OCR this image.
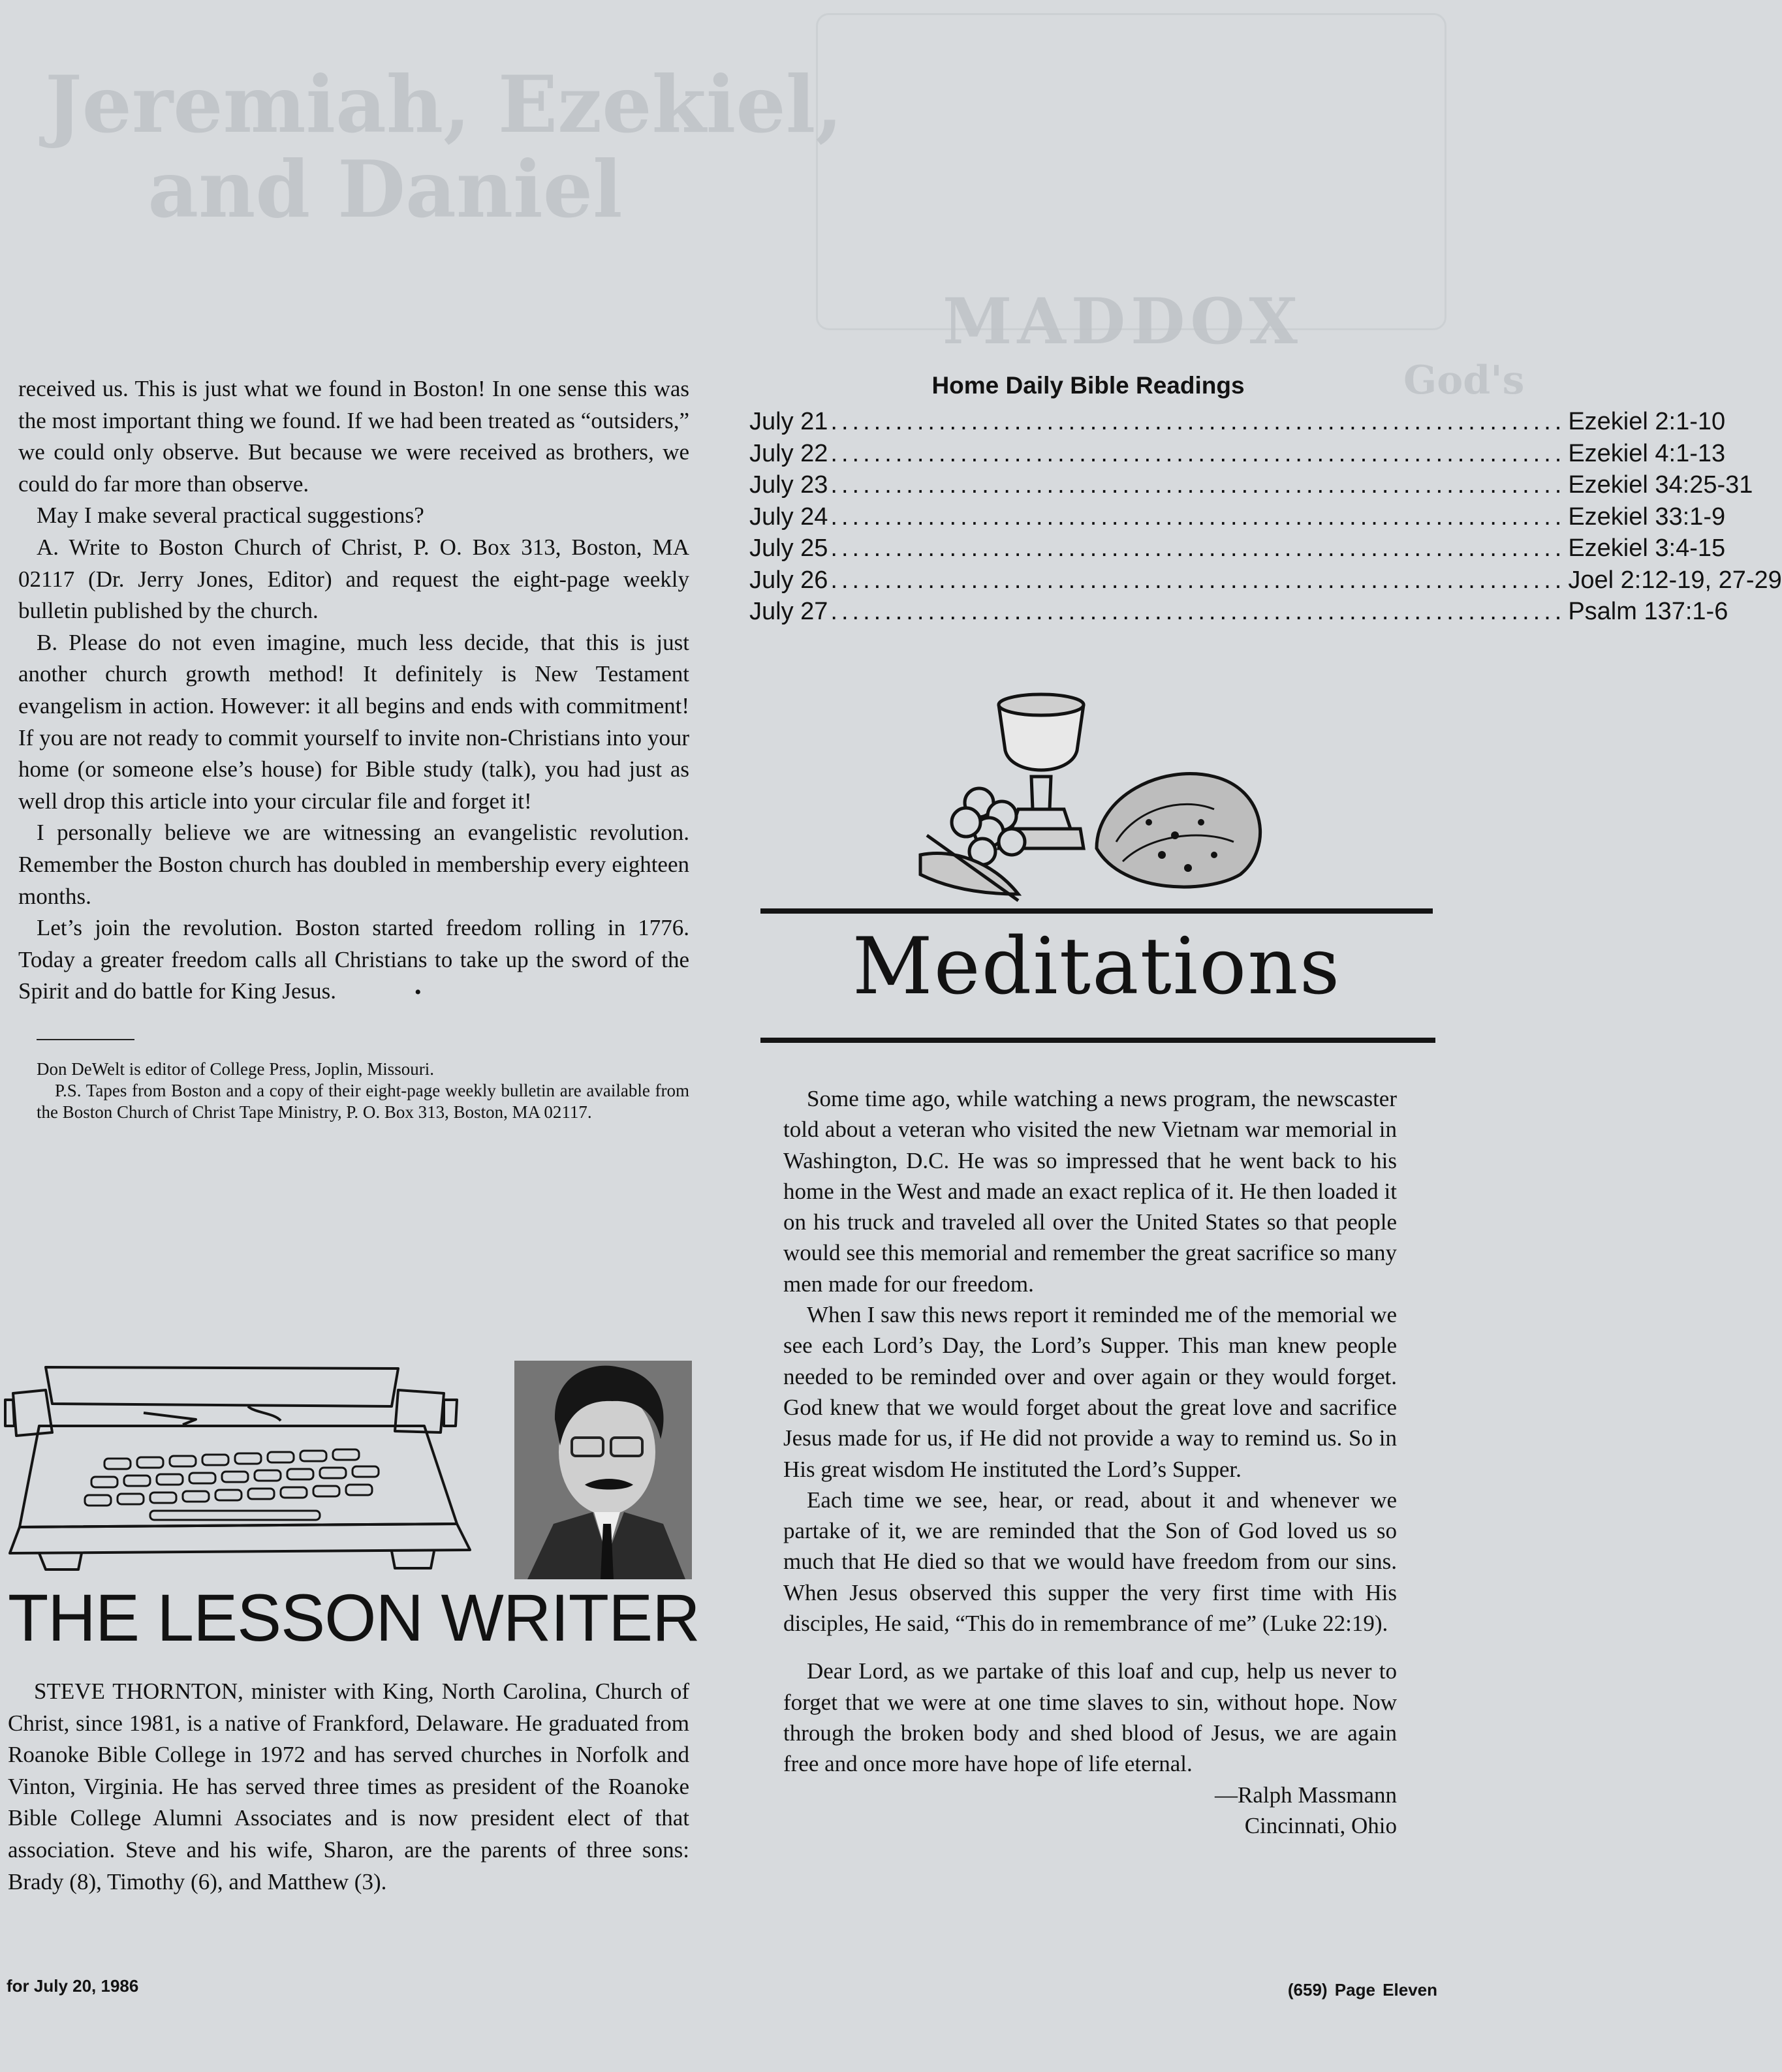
Jeremiah, Ezekiel,
and Daniel
MADDOX
God's

received us. This is just what we found in Boston! In one sense this was the most important thing we found. If we had been treated as “outsiders,” we could only observe. But because we were received as brothers, we could do far more than observe.

May I make several practical suggestions?

A. Write to Boston Church of Christ, P. O. Box 313, Boston, MA 02117 (Dr. Jerry Jones, Editor) and request the eight-page weekly bulletin published by the church.

B. Please do not even imagine, much less decide, that this is just another church growth method! It definitely is New Testament evangelism in action. However: it all begins and ends with commitment! If you are not ready to commit yourself to invite non-Christians into your home (or someone else’s house) for Bible study (talk), you had just as well drop this article into your circular file and forget it!

I personally believe we are witnessing an evangelistic revolution. Remember the Boston church has doubled in membership every eighteen months.

Let’s join the revolution. Boston started freedom rolling in 1776. Today a greater freedom calls all Christians to take up the sword of the Spirit and do battle for King Jesus.	•

Don DeWelt is editor of College Press, Joplin, Missouri.

P.S. Tapes from Boston and a copy of their eight-page weekly bulletin are available from the Boston Church of Christ Tape Ministry, P. O. Box 313, Boston, MA 02117.

THE LESSON WRITER

STEVE THORNTON, minister with King, North Carolina, Church of Christ, since 1981, is a native of Frankford, Delaware. He graduated from Roanoke Bible College in 1972 and has served churches in Norfolk and Vinton, Virginia. He has served three times as president of the Roanoke Bible College Alumni Associates and is now president elect of that association. Steve and his wife, Sharon, are the parents of three sons: Brady (8), Timothy (6), and Matthew (3).

Home Daily Bible Readings
July 21 .................................................................... Ezekiel 2:1-10
July 22 .................................................................... Ezekiel 4:1-13
July 23 .................................................................... Ezekiel 34:25-31
July 24 .................................................................... Ezekiel 33:1-9
July 25 .................................................................... Ezekiel 3:4-15
July 26 .................................................................... Joel 2:12-19, 27-29
July 27 .................................................................... Psalm 137:1-6
Meditations

Some time ago, while watching a news program, the newscaster told about a veteran who visited the new Vietnam war memorial in Washington, D.C. He was so impressed that he went back to his home in the West and made an exact replica of it. He then loaded it on his truck and traveled all over the United States so that people would see this memorial and remember the great sacrifice so many men made for our freedom.

When I saw this news report it reminded me of the memorial we see each Lord’s Day, the Lord’s Supper. This man knew people needed to be reminded over and over again or they would forget. God knew that we would forget about the great love and sacrifice Jesus made for us, if He did not provide a way to remind us. So in His great wisdom He instituted the Lord’s Supper.

Each time we see, hear, or read, about it and whenever we partake of it, we are reminded that the Son of God loved us so much that He died so that we would have freedom from our sins. When Jesus observed this supper the very first time with His disciples, He said, “This do in remembrance of me” (Luke 22:19).

Dear Lord, as we partake of this loaf and cup, help us never to forget that we were at one time slaves to sin, without hope. Now through the broken body and shed blood of Jesus, we are again free and once more have hope of life eternal.

—Ralph Massmann

Cincinnati, Ohio

for July 20, 1986	(659) Page Eleven
